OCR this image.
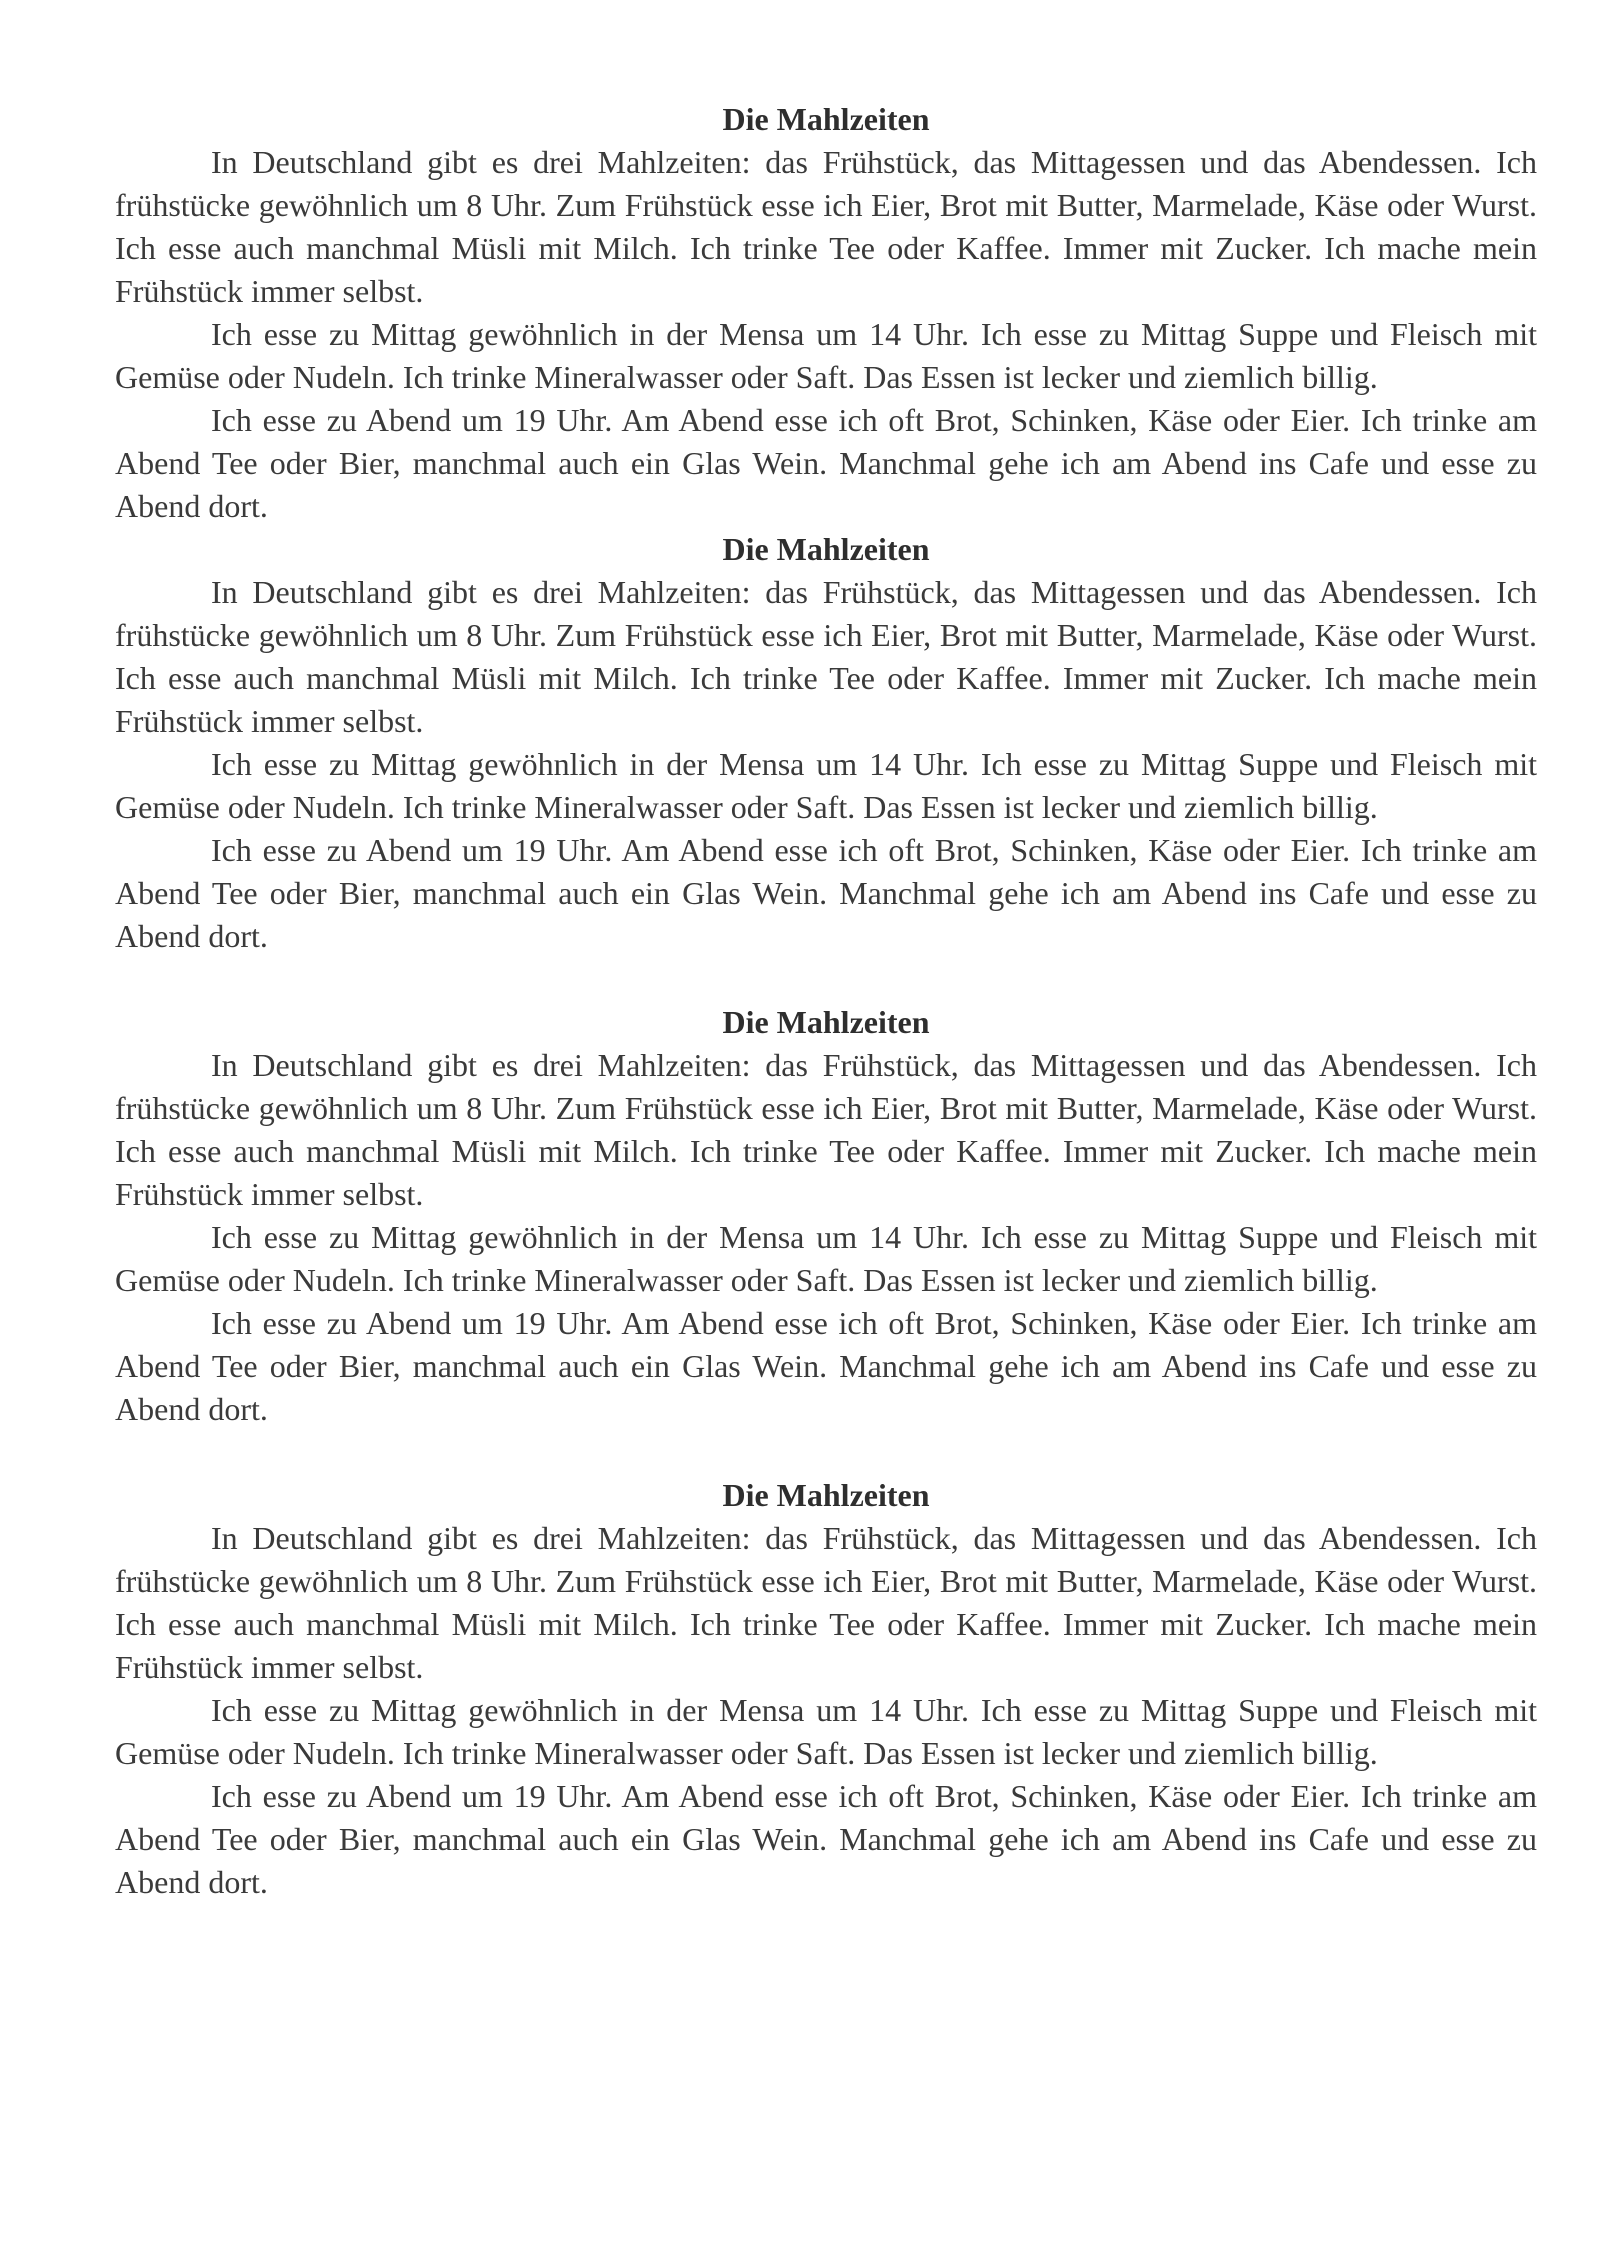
Die Mahlzeiten

In Deutschland gibt es drei Mahlzeiten: das Frühstück, das Mittagessen und das Abendessen. Ich frühstücke gewöhnlich um 8 Uhr. Zum Frühstück esse ich Eier, Brot mit Butter, Marmelade, Käse oder Wurst. Ich esse auch manchmal Müsli mit Milch. Ich trinke Tee oder Kaffee. Immer mit Zucker. Ich mache mein Frühstück immer selbst.

Ich esse zu Mittag gewöhnlich in der Mensa um 14 Uhr. Ich esse zu Mittag Suppe und Fleisch mit Gemüse oder Nudeln. Ich trinke Mineralwasser oder Saft. Das Essen ist lecker und ziemlich billig.

Ich esse zu Abend um 19 Uhr. Am Abend esse ich oft Brot, Schinken, Käse oder Eier. Ich trinke am Abend Tee oder Bier, manchmal auch ein Glas Wein. Manchmal gehe ich am Abend ins Cafe und esse zu Abend dort.

Die Mahlzeiten

In Deutschland gibt es drei Mahlzeiten: das Frühstück, das Mittagessen und das Abendessen. Ich frühstücke gewöhnlich um 8 Uhr. Zum Frühstück esse ich Eier, Brot mit Butter, Marmelade, Käse oder Wurst. Ich esse auch manchmal Müsli mit Milch. Ich trinke Tee oder Kaffee. Immer mit Zucker. Ich mache mein Frühstück immer selbst.

Ich esse zu Mittag gewöhnlich in der Mensa um 14 Uhr. Ich esse zu Mittag Suppe und Fleisch mit Gemüse oder Nudeln. Ich trinke Mineralwasser oder Saft. Das Essen ist lecker und ziemlich billig.

Ich esse zu Abend um 19 Uhr. Am Abend esse ich oft Brot, Schinken, Käse oder Eier. Ich trinke am Abend Tee oder Bier, manchmal auch ein Glas Wein. Manchmal gehe ich am Abend ins Cafe und esse zu Abend dort.

Die Mahlzeiten

In Deutschland gibt es drei Mahlzeiten: das Frühstück, das Mittagessen und das Abendessen. Ich frühstücke gewöhnlich um 8 Uhr. Zum Frühstück esse ich Eier, Brot mit Butter, Marmelade, Käse oder Wurst. Ich esse auch manchmal Müsli mit Milch. Ich trinke Tee oder Kaffee. Immer mit Zucker. Ich mache mein Frühstück immer selbst.

Ich esse zu Mittag gewöhnlich in der Mensa um 14 Uhr. Ich esse zu Mittag Suppe und Fleisch mit Gemüse oder Nudeln. Ich trinke Mineralwasser oder Saft. Das Essen ist lecker und ziemlich billig.

Ich esse zu Abend um 19 Uhr. Am Abend esse ich oft Brot, Schinken, Käse oder Eier. Ich trinke am Abend Tee oder Bier, manchmal auch ein Glas Wein. Manchmal gehe ich am Abend ins Cafe und esse zu Abend dort.

Die Mahlzeiten

In Deutschland gibt es drei Mahlzeiten: das Frühstück, das Mittagessen und das Abendessen. Ich frühstücke gewöhnlich um 8 Uhr. Zum Frühstück esse ich Eier, Brot mit Butter, Marmelade, Käse oder Wurst. Ich esse auch manchmal Müsli mit Milch. Ich trinke Tee oder Kaffee. Immer mit Zucker. Ich mache mein Frühstück immer selbst.

Ich esse zu Mittag gewöhnlich in der Mensa um 14 Uhr. Ich esse zu Mittag Suppe und Fleisch mit Gemüse oder Nudeln. Ich trinke Mineralwasser oder Saft. Das Essen ist lecker und ziemlich billig.

Ich esse zu Abend um 19 Uhr. Am Abend esse ich oft Brot, Schinken, Käse oder Eier. Ich trinke am Abend Tee oder Bier, manchmal auch ein Glas Wein. Manchmal gehe ich am Abend ins Cafe und esse zu Abend dort.
